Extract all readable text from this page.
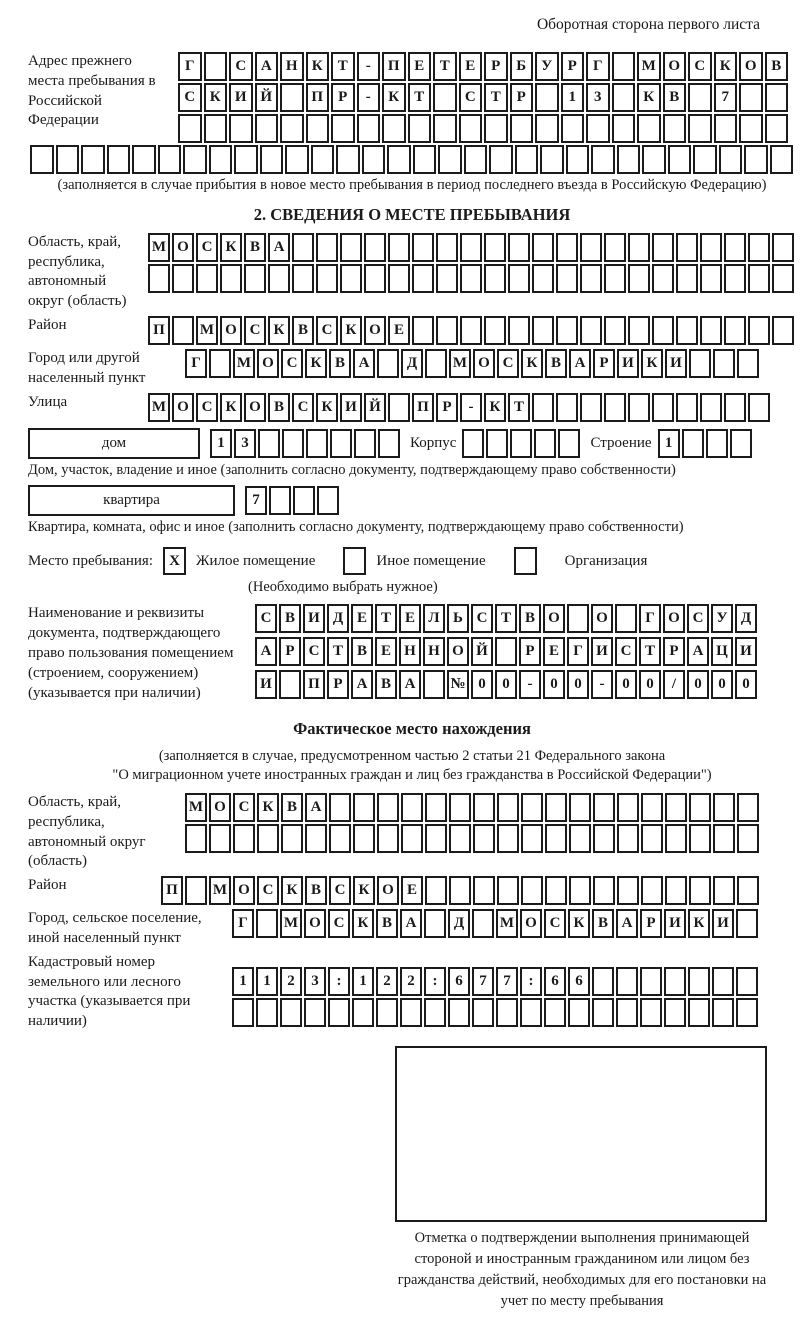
Оборотная сторона первого листа
Адрес прежнего места пребывания в Российской Федерации
Г	С А Н К	Т	-	П Е	Т	Е	Р	Б	У	Р	Г	М О С К О В
С К И Й	П	Р	-	К	Т	С	Т	Р	1	3	К	В	7
(заполняется в случае прибытия в новое место пребывания в период последнего въезда в Российскую Федерацию)
2. СВЕДЕНИЯ О МЕСТЕ ПРЕБЫВАНИЯ
Область, край, республика, автономный округ (область)
М О С К В А
Район	П	М О С К В С К О Е
Город или другой населенный пункт
Г	М О С К В А	Д	М О С К В А Р И К И
Улица	М О С К О В С К И Й	П Р	-	К Т
дом	1	3	Корпус	Строение 1
Дом, участок, владение и иное (заполнить согласно документу, подтверждающему право собственности)
квартира	7
Квартира, комната, офис и иное (заполнить согласно документу, подтверждающему право собственности)
Место пребывания:	X	Жилое помещение	Иное помещение	Организация
(Необходимо выбрать нужное)
Наименование и реквизиты документа, подтверждающего право пользования помещением (строением, сооружением) (указывается при наличии)
С В И Д Е Т Е Л Ь С Т В О	О	Г О С У Д
А Р С Т В Е Н Н О Й	Р Е Г И С Т Р А Ц И
И	П Р А В А	№ 0	0	-	0	0	-	0	0	/	0	0	0
Фактическое место нахождения
(заполняется в случае, предусмотренном частью 2 статьи 21 Федерального закона
"О миграционном учете иностранных граждан и лиц без гражданства в Российской Федерации")
Область, край, республика, автономный округ (область)
М О С К В А
Район	П	М О С К В С К О Е
Город, сельское поселение, иной населенный пункт
Г	М О С К В А	Д	М О С К В А Р И К И
Кадастровый номер земельного или лесного участка (указывается при наличии)
1	1	2	3	:	1	2	2	:	6	7	7	:	6	6
Отметка о подтверждении выполнения принимающей стороной и иностранным гражданином или лицом без гражданства действий, необходимых для его постановки на учет по месту пребывания
